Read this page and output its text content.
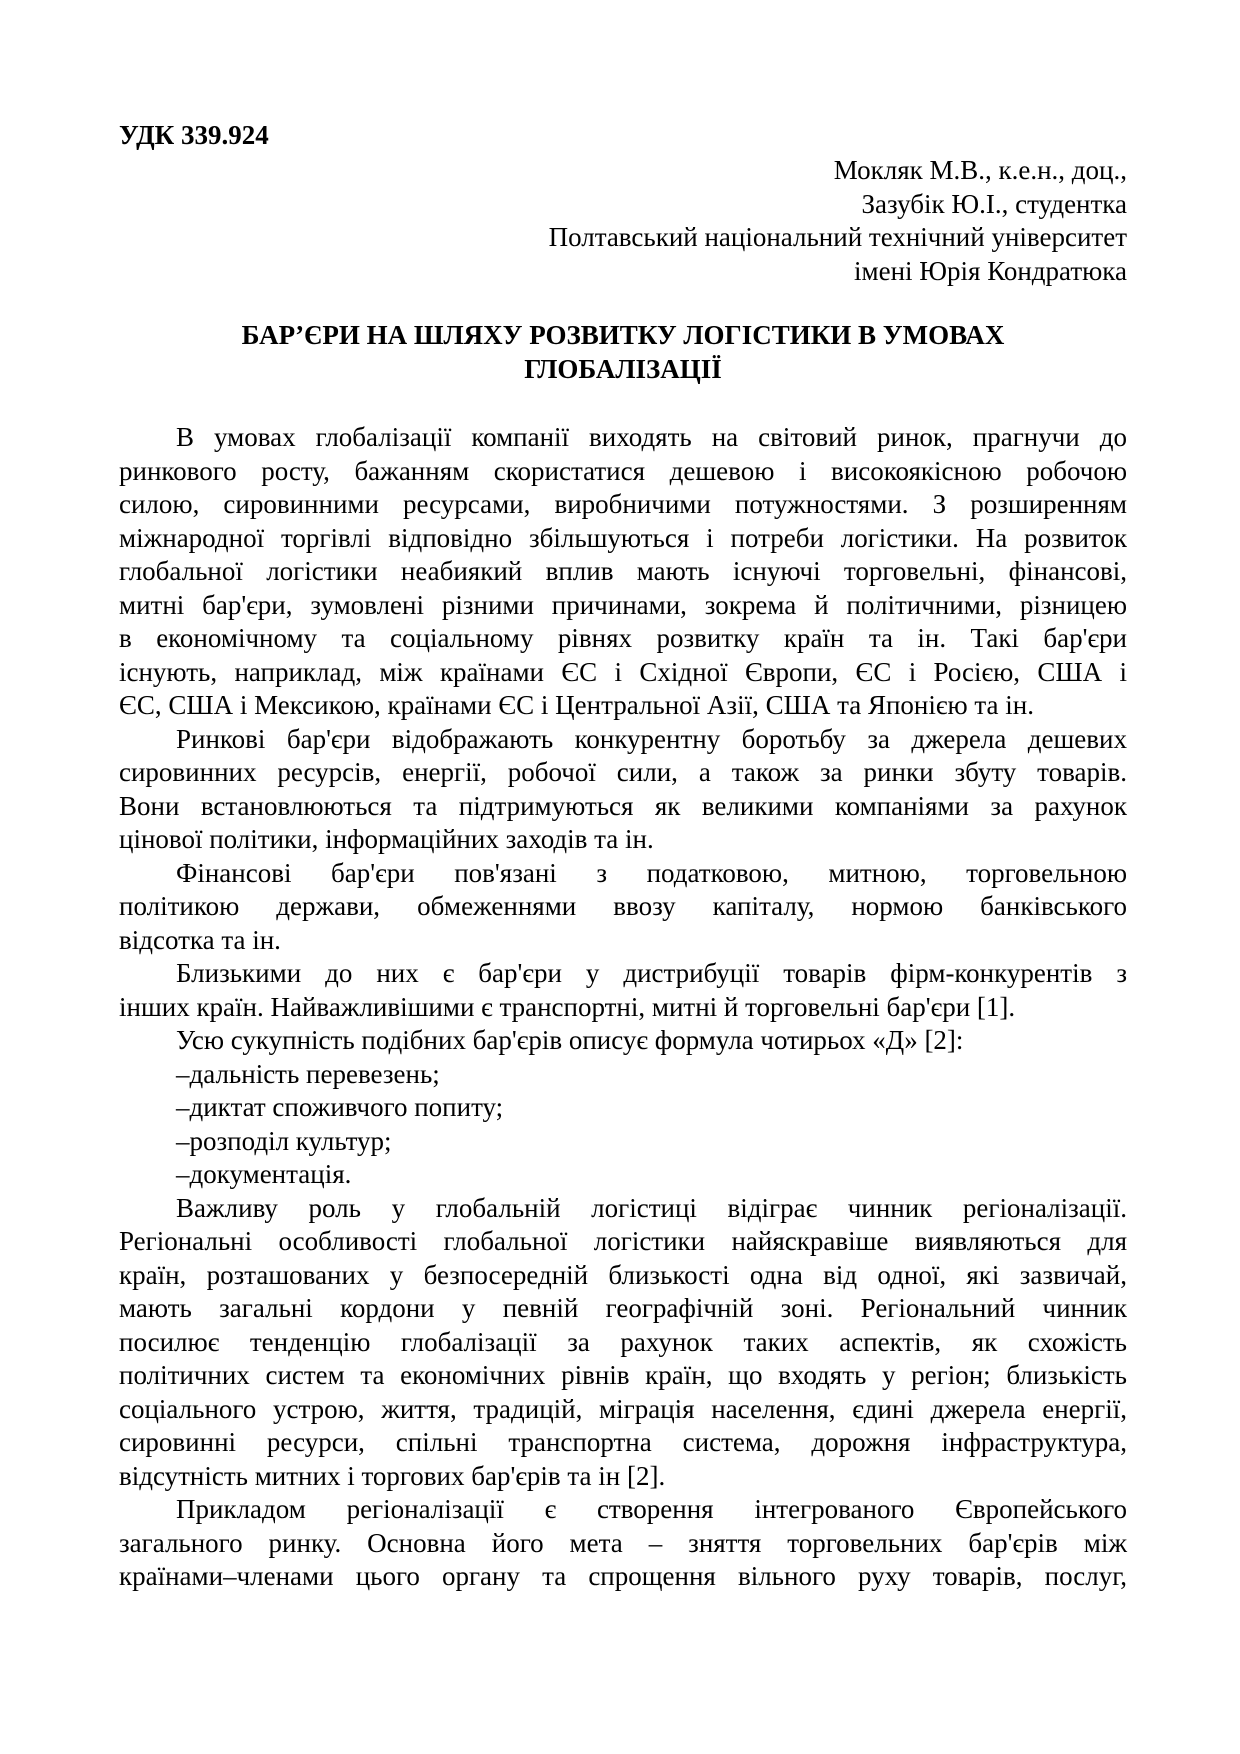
УДК 339.924
Мокляк М.В., к.е.н., доц.,
Зазубік Ю.І., студентка
Полтавський національний технічний університет
імені Юрія Кондратюка
БАР’ЄРИ НА ШЛЯХУ РОЗВИТКУ ЛОГІСТИКИ В УМОВАХ
ГЛОБАЛІЗАЦІЇ
В умовах глобалізації компанії виходять на світовий ринок, прагнучи до
ринкового росту, бажанням скористатися дешевою і високоякісною робочою
силою, сировинними ресурсами, виробничими потужностями. З розширенням
міжнародної торгівлі відповідно збільшуються і потреби логістики. На розвиток
глобальної логістики неабиякий вплив мають існуючі торговельні, фінансові,
митні бар'єри, зумовлені різними причинами, зокрема й політичними, різницею
в економічному та соціальному рівнях розвитку країн та ін. Такі бар'єри
існують, наприклад, між країнами ЄС і Східної Європи, ЄС і Росією, США і
ЄС, США і Мексикою, країнами ЄС і Центральної Азії, США та Японією та ін.
Ринкові бар'єри відображають конкурентну боротьбу за джерела дешевих
сировинних ресурсів, енергії, робочої сили, а також за ринки збуту товарів.
Вони встановлюються та підтримуються як великими компаніями за рахунок
цінової політики, інформаційних заходів та ін.
Фінансові бар'єри пов'язані з податковою, митною, торговельною
політикою держави, обмеженнями ввозу капіталу, нормою банківського
відсотка та ін.
Близькими до них є бар'єри у дистрибуції товарів фірм-конкурентів з
інших країн. Найважливішими є транспортні, митні й торговельні бар'єри [1].
Усю сукупність подібних бар'єрів описує формула чотирьох «Д» [2]:
–дальність перевезень;
–диктат споживчого попиту;
–розподіл культур;
–документація.
Важливу роль у глобальній логістиці відіграє чинник регіоналізації.
Регіональні особливості глобальної логістики найяскравіше виявляються для
країн, розташованих у безпосередній близькості одна від одної, які зазвичай,
мають загальні кордони у певній географічній зоні. Регіональний чинник
посилює тенденцію глобалізації за рахунок таких аспектів, як схожість
політичних систем та економічних рівнів країн, що входять у регіон; близькість
соціального устрою, життя, традицій, міграція населення, єдині джерела енергії,
сировинні ресурси, спільні транспортна система, дорожня інфраструктура,
відсутність митних і торгових бар'єрів та ін [2].
Прикладом регіоналізації є створення інтегрованого Європейського
загального ринку. Основна його мета – зняття торговельних бар'єрів між
країнами–членами цього органу та спрощення вільного руху товарів, послуг,
